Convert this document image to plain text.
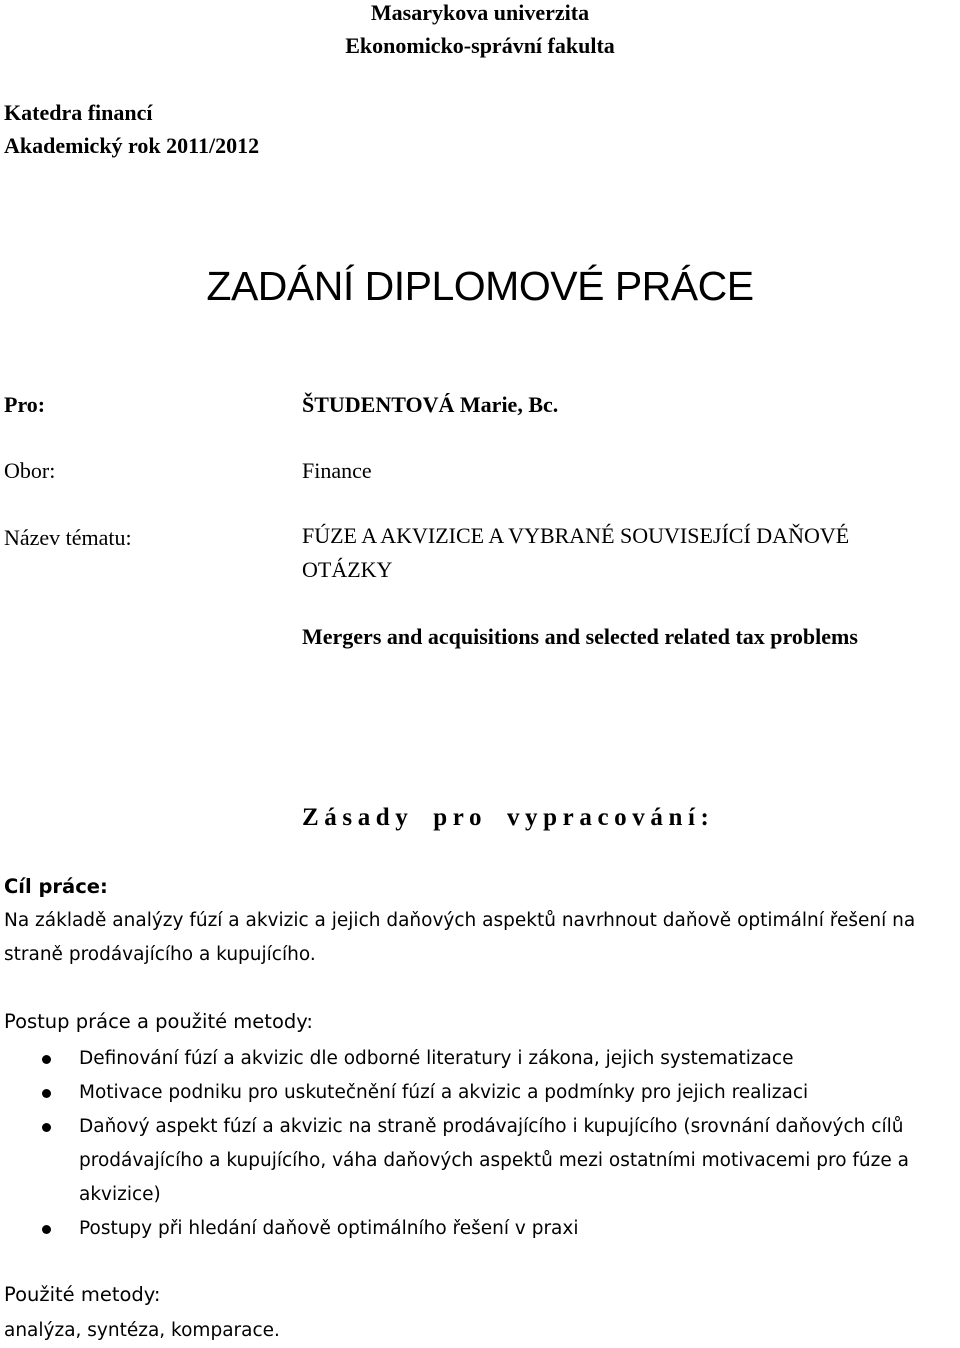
Masarykova univerzita
Ekonomicko-správní fakulta
Katedra financí
Akademický rok 2011/2012
ZADÁNÍ DIPLOMOVÉ PRÁCE
Pro:	ŠTUDENTOVÁ Marie, Bc.
Obor:	Finance
Název tématu:	FÚZE A AKVIZICE A VYBRANÉ SOUVISEJÍCÍ DAŇOVÉ OTÁZKY
Mergers and acquisitions and selected related tax problems
Zásady pro vypracování:
Cíl práce:
Na základě analýzy fúzí a akvizic a jejich daňových aspektů navrhnout daňově optimální řešení na straně prodávajícího a kupujícího.
Postup práce a použité metody:
Definování fúzí a akvizic dle odborné literatury i zákona, jejich systematizace
Motivace podniku pro uskutečnění fúzí a akvizic a podmínky pro jejich realizaci
Daňový aspekt fúzí a akvizic na straně prodávajícího i kupujícího (srovnání daňových cílů prodávajícího a kupujícího, váha daňových aspektů mezi ostatními motivacemi pro fúze a akvizice)
Postupy při hledání daňově optimálního řešení v praxi
Použité metody:
analýza, syntéza, komparace.
